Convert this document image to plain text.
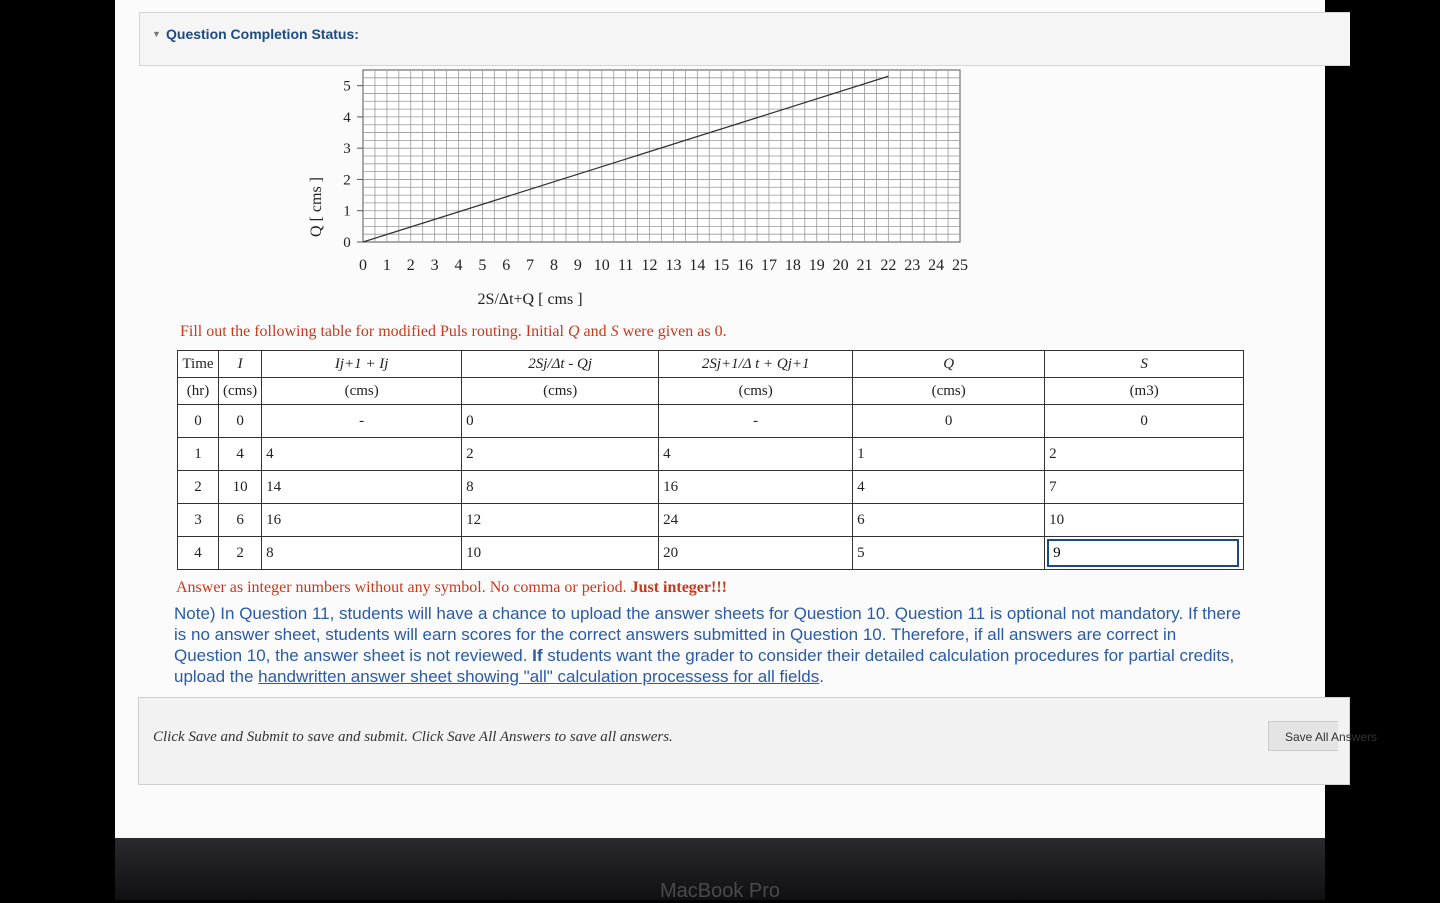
▼ Question Completion Status:
0 1 2 3 4 5 6 7 8 9 10 11 12 13 14 15 16 17 18 19 20 21 22 23 24 25
0
1
2
3
4
5
2S/Δt+Q [ cms ]
Q [ cms ]
Fill out the following table for modified Puls routing. Initial Q and S were given as 0.
Time	I	Ij+1 + Ij	2Sj/Δt - Qj	2Sj+1/Δ t + Qj+1	Q	S
(hr)	(cms)	(cms)	(cms)	(cms)	(cms)	(m3)
0	0	-	0	-	0	0
1	4	4	2	4	1	2
2	10	14	8	16	4	7
3	6	16	12	24	6	10
4	2	8	10	20	5	9
Answer as integer numbers without any symbol. No comma or period. Just integer!!!
Note) In Question 11, students will have a chance to upload the answer sheets for Question 10. Question 11 is optional not mandatory. If there is no answer sheet, students will earn scores for the correct answers submitted in Question 10. Therefore, if all answers are correct in Question 10, the answer sheet is not reviewed. If students want the grader to consider their detailed calculation procedures for partial credits, upload the handwritten answer sheet showing "all" calculation processess for all fields.
Click Save and Submit to save and submit. Click Save All Answers to save all answers.	Save All Answers
MacBook Pro
